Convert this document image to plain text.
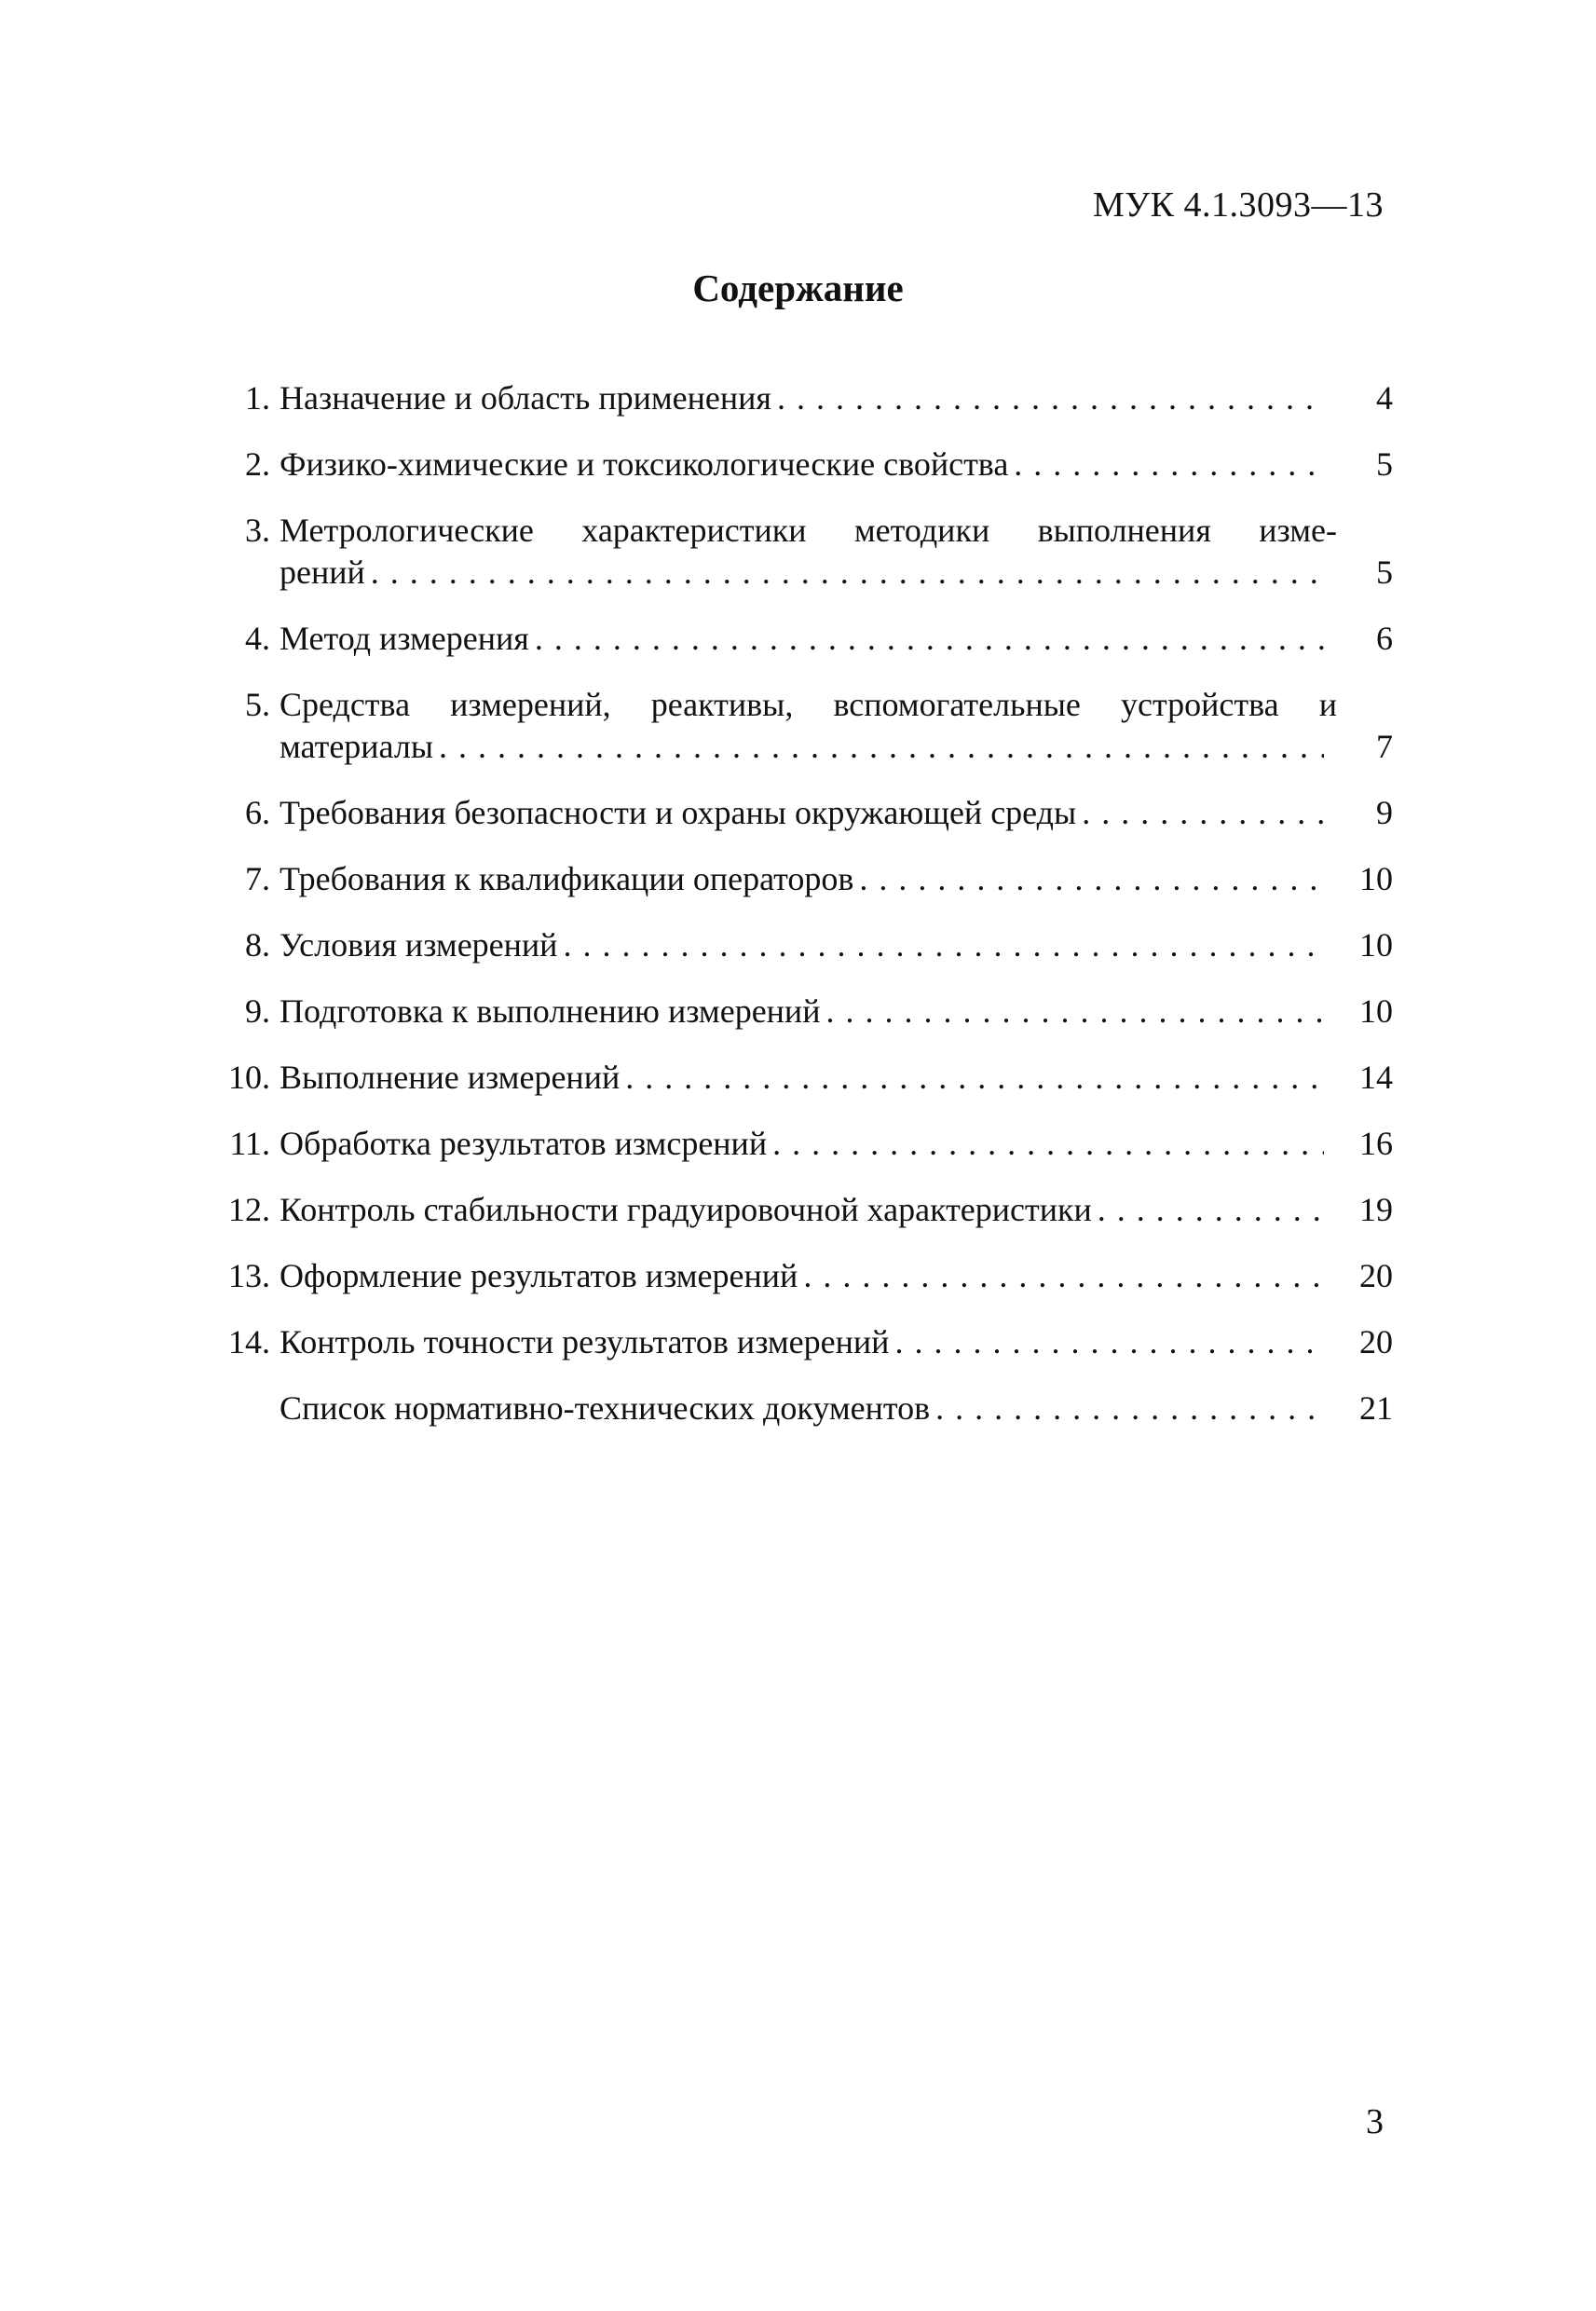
МУК 4.1.3093—13
Содержание
1. Назначение и область применения . . .	4
2. Физико-химические и токсикологические свойства . . .	5
3. Метрологические характеристики методики выполнения изме-
рений . . .	5
4. Метод измерения . . .	6
5. Средства измерений, реактивы, вспомогательные устройства и
материалы . . .	7
6. Требования безопасности и охраны окружающей среды . . .	9
7. Требования к квалификации операторов . . .	10
8. Условия измерений . . .	10
9. Подготовка к выполнению измерений . . .	10
10. Выполнение измерений . . .	14
11. Обработка результатов измсрений . . .	16
12. Контроль стабильности градуировочной характеристики . . .	19
13. Оформление результатов измерений . . .	20
14. Контроль точности результатов измерений . . .	20
Список нормативно-технических документов . . .	21
3
